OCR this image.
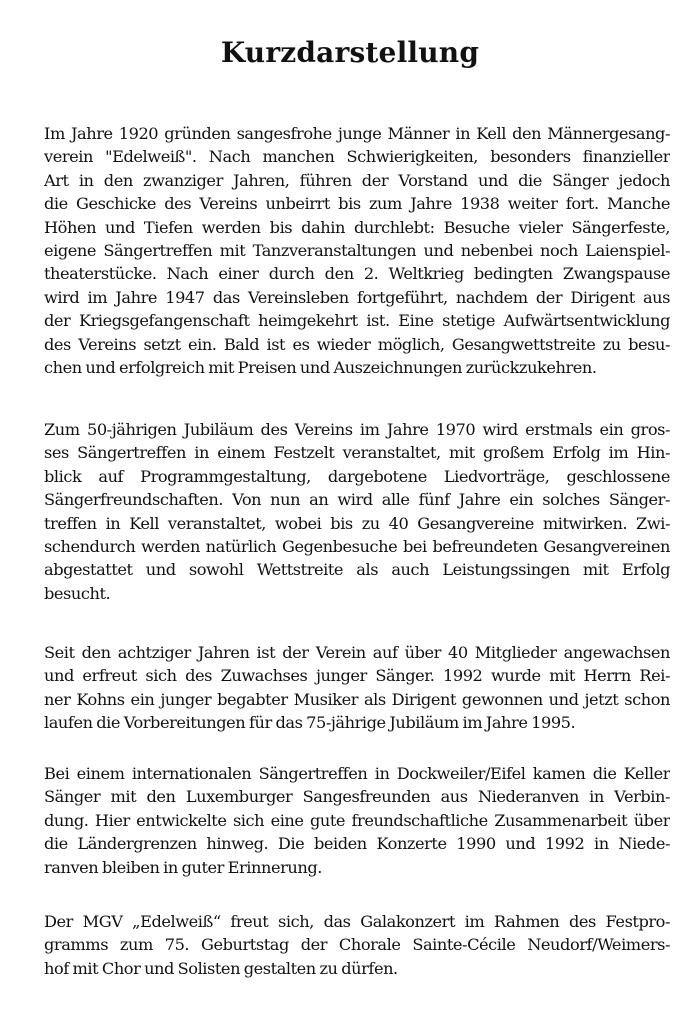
Kurzdarstellung

Im Jahre 1920 gründen sangesfrohe junge Männer in Kell den Männergesang-
verein "Edelweiß". Nach manchen Schwierigkeiten, besonders finanzieller
Art in den zwanziger Jahren, führen der Vorstand und die Sänger jedoch
die Geschicke des Vereins unbeirrt bis zum Jahre 1938 weiter fort. Manche
Höhen und Tiefen werden bis dahin durchlebt: Besuche vieler Sängerfeste,
eigene Sängertreffen mit Tanzveranstaltungen und nebenbei noch Laienspiel-
theaterstücke. Nach einer durch den 2. Weltkrieg bedingten Zwangspause
wird im Jahre 1947 das Vereinsleben fortgeführt, nachdem der Dirigent aus
der Kriegsgefangenschaft heimgekehrt ist. Eine stetige Aufwärtsentwicklung
des Vereins setzt ein. Bald ist es wieder möglich, Gesangwettstreite zu besu-
chen und erfolgreich mit Preisen und Auszeichnungen zurückzukehren.

Zum 50-jährigen Jubiläum des Vereins im Jahre 1970 wird erstmals ein gros-
ses Sängertreffen in einem Festzelt veranstaltet, mit großem Erfolg im Hin-
blick auf Programmgestaltung, dargebotene Liedvorträge, geschlossene
Sängerfreundschaften. Von nun an wird alle fünf Jahre ein solches Sänger-
treffen in Kell veranstaltet, wobei bis zu 40 Gesangvereine mitwirken. Zwi-
schendurch werden natürlich Gegenbesuche bei befreundeten Gesangvereinen
abgestattet und sowohl Wettstreite als auch Leistungssingen mit Erfolg
besucht.

Seit den achtziger Jahren ist der Verein auf über 40 Mitglieder angewachsen
und erfreut sich des Zuwachses junger Sänger. 1992 wurde mit Herrn Rei-
ner Kohns ein junger begabter Musiker als Dirigent gewonnen und jetzt schon
laufen die Vorbereitungen für das 75-jährige Jubiläum im Jahre 1995.

Bei einem internationalen Sängertreffen in Dockweiler/Eifel kamen die Keller
Sänger mit den Luxemburger Sangesfreunden aus Niederanven in Verbin-
dung. Hier entwickelte sich eine gute freundschaftliche Zusammenarbeit über
die Ländergrenzen hinweg. Die beiden Konzerte 1990 und 1992 in Niede-
ranven bleiben in guter Erinnerung.

Der MGV „Edelweiß“ freut sich, das Galakonzert im Rahmen des Festpro-
gramms zum 75. Geburtstag der Chorale Sainte-Cécile Neudorf/Weimers-
hof mit Chor und Solisten gestalten zu dürfen.
